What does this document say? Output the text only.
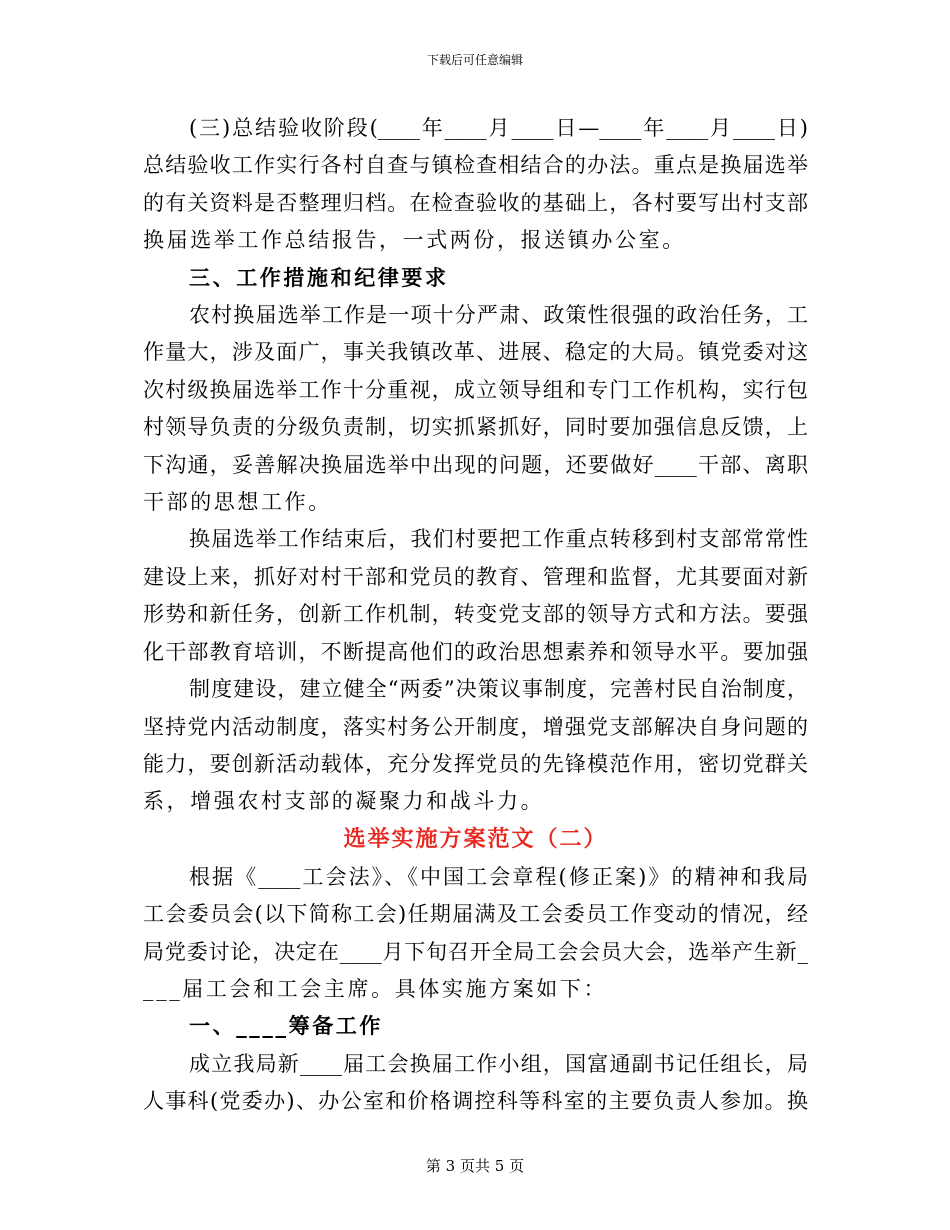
下载后可任意编辑
(三)总结验收阶段(____年____月____日—____年____月____日)
总结验收工作实行各村自查与镇检查相结合的办法。重点是换届选举
的有关资料是否整理归档。在检查验收的基础上，各村要写出村支部
换届选举工作总结报告，一式两份，报送镇办公室。
三、工作措施和纪律要求
农村换届选举工作是一项十分严肃、政策性很强的政治任务，工
作量大，涉及面广，事关我镇改革、进展、稳定的大局。镇党委对这
次村级换届选举工作十分重视，成立领导组和专门工作机构，实行包
村领导负责的分级负责制，切实抓紧抓好，同时要加强信息反馈，上
下沟通，妥善解决换届选举中出现的问题，还要做好____干部、离职
干部的思想工作。
换届选举工作结束后，我们村要把工作重点转移到村支部常常性
建设上来，抓好对村干部和党员的教育、管理和监督，尤其要面对新
形势和新任务，创新工作机制，转变党支部的领导方式和方法。要强
化干部教育培训，不断提高他们的政治思想素养和领导水平。要加强
制度建设，建立健全“两委”决策议事制度，完善村民自治制度，
坚持党内活动制度，落实村务公开制度，增强党支部解决自身问题的
能力，要创新活动载体，充分发挥党员的先锋模范作用，密切党群关
系，增强农村支部的凝聚力和战斗力。
选举实施方案范文（二）
根据《____工会法》、《中国工会章程(修正案)》的精神和我局
工会委员会(以下简称工会)任期届满及工会委员工作变动的情况，经
局党委讨论，决定在____月下旬召开全局工会会员大会，选举产生新_
___届工会和工会主席。具体实施方案如下：
一、____筹备工作
成立我局新____届工会换届工作小组，国富通副书记任组长，局
人事科(党委办)、办公室和价格调控科等科室的主要负责人参加。换
第 3 页共 5 页
